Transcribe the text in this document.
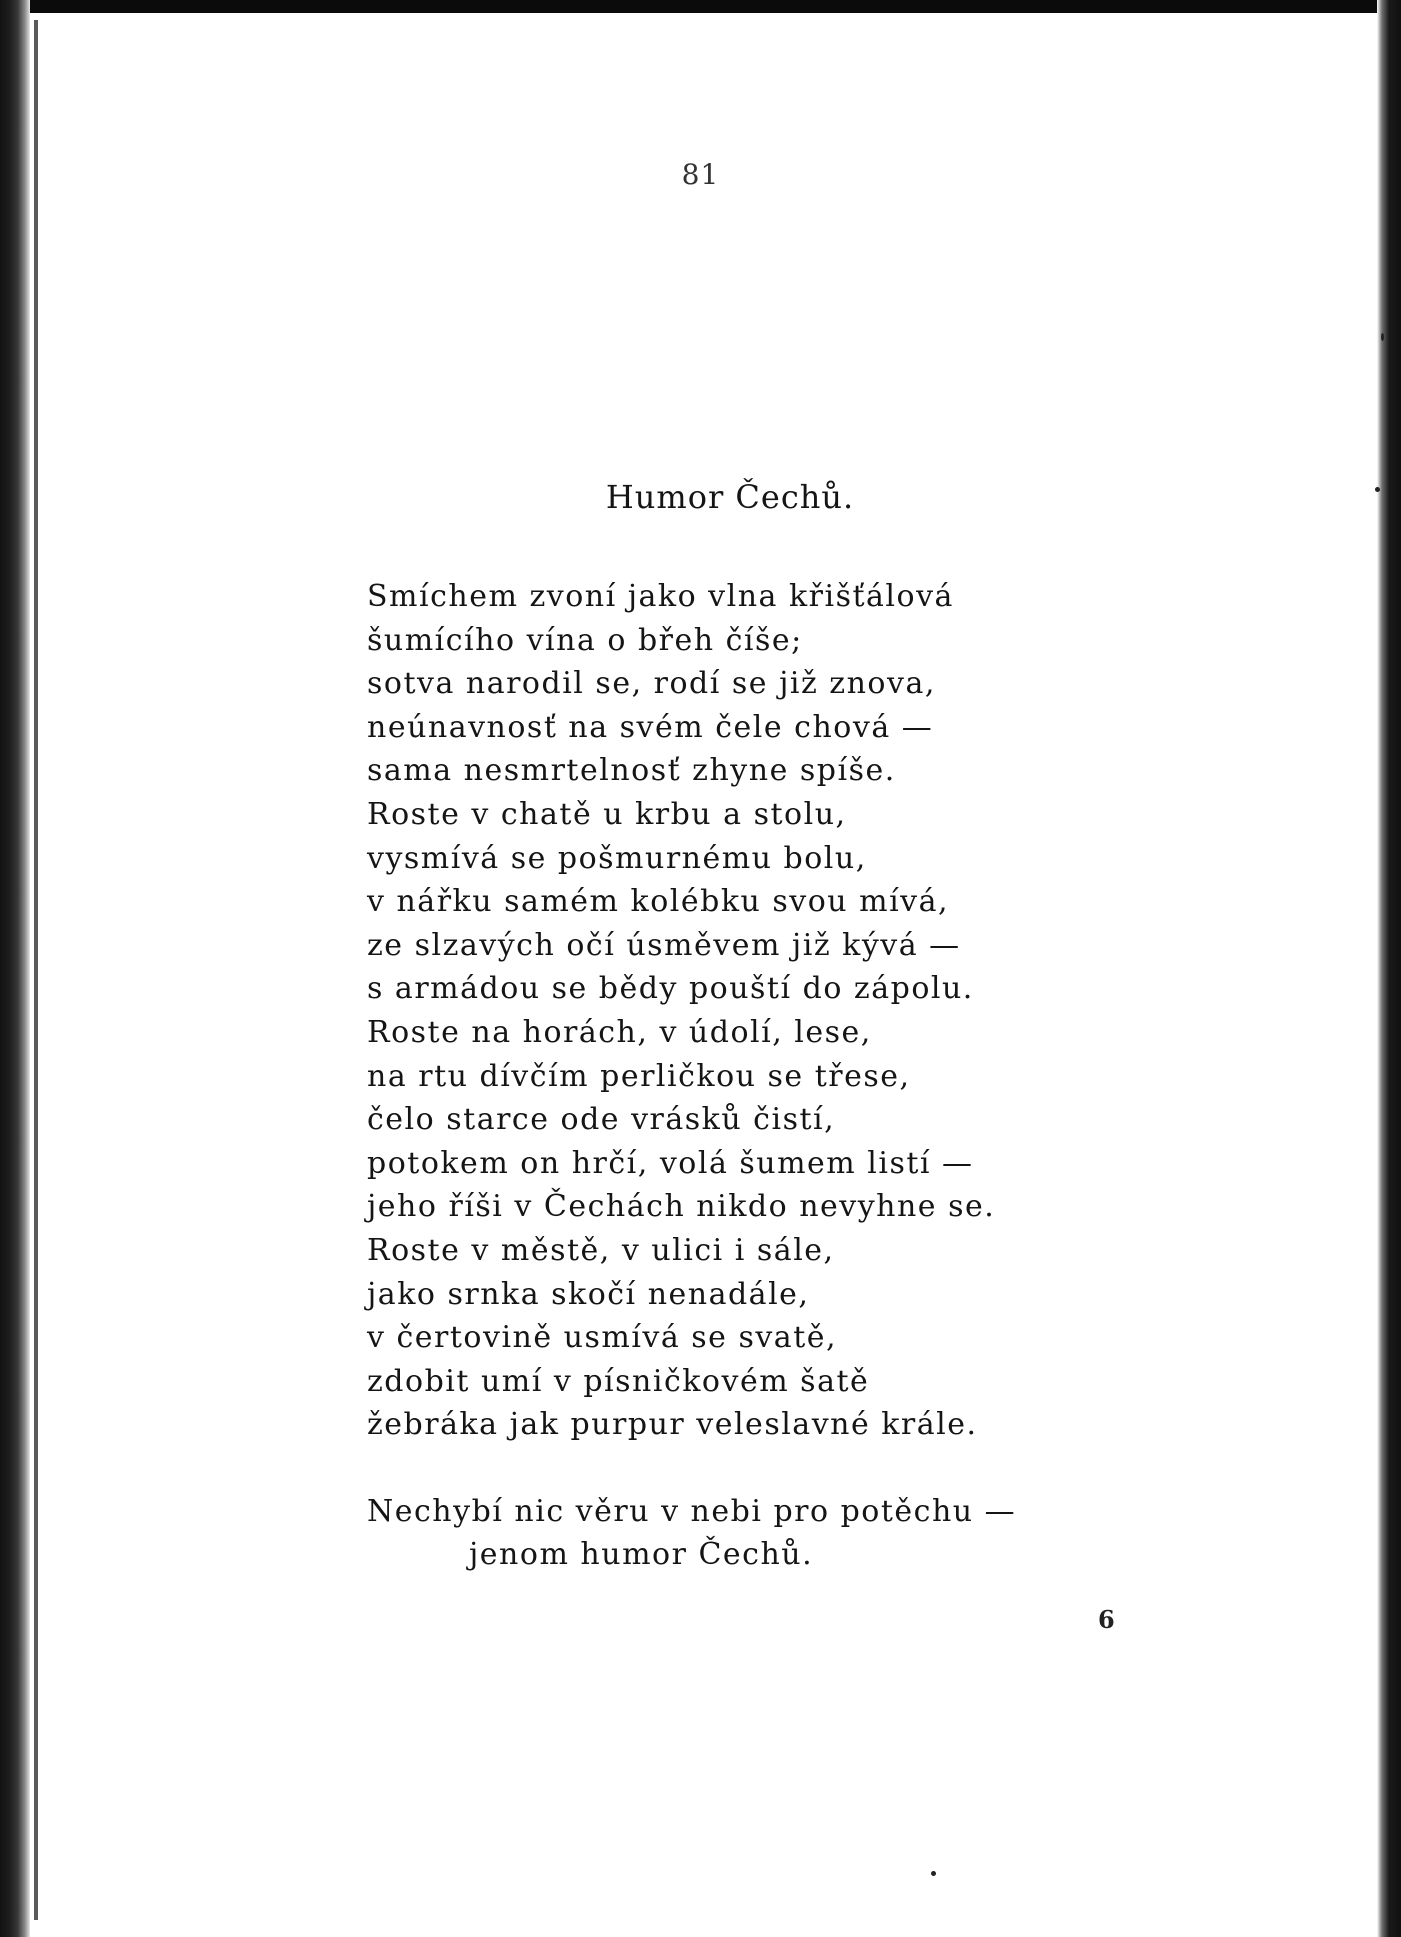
81
Humor Čechů.
Smíchem zvoní jako vlna křišťálová
šumícího vína o břeh číše;
sotva narodil se, rodí se již znova,
neúnavnosť na svém čele chová —
sama nesmrtelnosť zhyne spíše.
Roste v chatě u krbu a stolu,
vysmívá se pošmurnému bolu,
v nářku samém kolébku svou mívá,
ze slzavých očí úsměvem již kývá —
s armádou se bědy pouští do zápolu.
Roste na horách, v údolí, lese,
na rtu dívčím perličkou se třese,
čelo starce ode vrásků čistí,
potokem on hrčí, volá šumem listí —
jeho říši v Čechách nikdo nevyhne se.
Roste v městě, v ulici i sále,
jako srnka skočí nenadále,
v čertovině usmívá se svatě,
zdobit umí v písničkovém šatě
žebráka jak purpur veleslavné krále.
Nechybí nic věru v nebi pro potěchu —
jenom humor Čechů.
6
